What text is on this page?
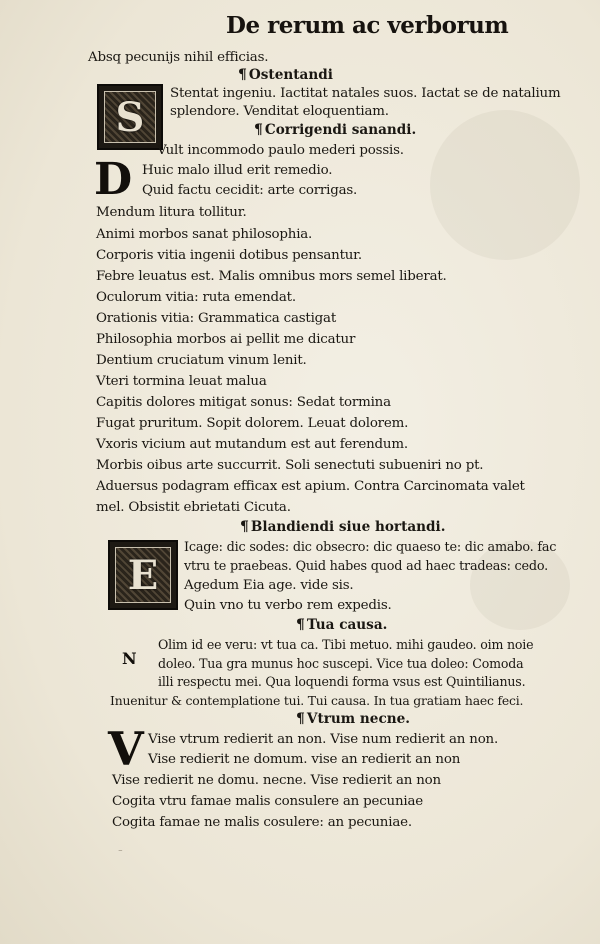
De rerum ac verborum
Absq pecunijs nihil efficias.
¶ Ostentandi
S	Stentat ingeniu. Iactitat natales suos. Iactat se de natalium
splendore. Venditat eloquentiam.
¶ Corrigendi sanandi.
Vult incommodo paulo mederi possis.
D Huic malo illud erit remedio.
Quid factu cecidit: arte corrigas.
Mendum litura tollitur.
Animi morbos sanat philosophia.
Corporis vitia ingenii dotibus pensantur.
Febre leuatus est. Malis omnibus mors semel liberat.
Oculorum vitia: ruta emendat.
Orationis vitia: Grammatica castigat
Philosophia morbos ai pellit me dicatur
Dentium cruciatum vinum lenit.
Vteri tormina leuat malua
Capitis dolores mitigat sonus: Sedat tormina
Fugat pruritum. Sopit dolorem. Leuat dolorem.
Vxoris vicium aut mutandum est aut ferendum.
Morbis oibus arte succurrit. Soli senectuti subueniri no pt.
Aduersus podagram efficax est apium. Contra Carcinomata valet
mel. Obsistit ebrietati Cicuta.
¶ Blandiendi siue hortandi.
E
Icage: dic sodes: dic obsecro: dic quaeso te: dic amabo. fac
vtru te praebeas. Quid habes quod ad haec tradeas: cedo.
Agedum Eia age. vide sis.
Quin vno tu verbo rem expedis.
¶ Tua causa.
Olim id ee veru: vt tua ca. Tibi metuo. mihi gaudeo. oim noie
N doleo. Tua gra munus hoc suscepi. Vice tua doleo: Comoda
illi respectu mei. Qua loquendi forma vsus est Quintilianus.
Inuenitur & contemplatione tui. Tui causa. In tua gratiam haec feci.
¶ Vtrum necne.
V Vise vtrum redierit an non. Vise num redierit an non.
Vise redierit ne domum. vise an redierit an non
Vise redierit ne domu. necne. Vise redierit an non
Cogita vtru famae malis consulere an pecuniae
Cogita famae ne malis cosulere: an pecuniae.
⁻
